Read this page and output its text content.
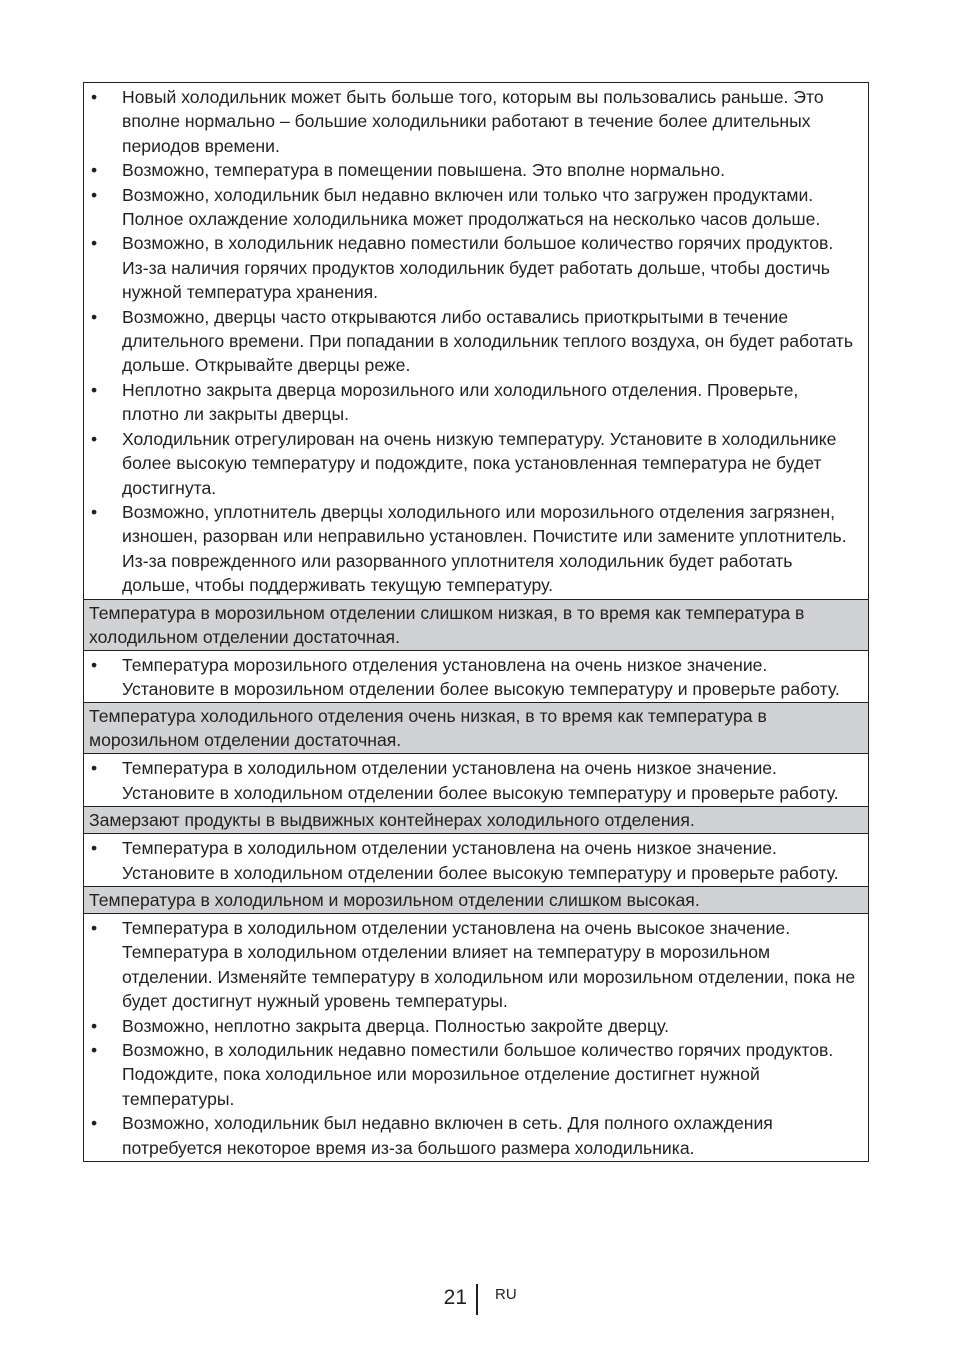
•	Новый холодильник может быть больше того, которым вы пользовались раньше. Это вполне нормально – большие холодильники работают в течение более длительных периодов времени.
•	Возможно, температура в помещении повышена. Это вполне нормально.
•	Возможно, холодильник был недавно включен или только что загружен продуктами. Полное охлаждение холодильника может продолжаться на несколько часов дольше.
•	Возможно, в холодильник недавно поместили большое количество горячих продуктов. Из-за наличия горячих продуктов холодильник будет работать дольше, чтобы достичь нужной температура хранения.
•	Возможно, дверцы часто открываются либо оставались приоткрытыми в течение длительного времени. При попадании в холодильник теплого воздуха, он будет работать дольше. Открывайте дверцы реже.
•	Неплотно закрыта дверца морозильного или холодильного отделения. Проверьте, плотно ли закрыты дверцы.
•	Холодильник отрегулирован на очень низкую температуру. Установите в холодильнике более высокую температуру и подождите, пока установленная температура не будет достигнута.
•	Возможно, уплотнитель дверцы холодильного или морозильного отделения загрязнен, изношен, разорван или неправильно установлен. Почистите или замените уплотнитель. Из-за поврежденного или разорванного уплотнителя холодильник будет работать дольше, чтобы поддерживать текущую температуру.
Температура в морозильном отделении слишком низкая, в то время как температура в холодильном отделении достаточная.
•	Температура морозильного отделения установлена на очень низкое значение. Установите в морозильном отделении более высокую температуру и проверьте работу.
Температура холодильного отделения очень низкая, в то время как температура в морозильном отделении достаточная.
•	Температура в холодильном отделении установлена на очень низкое значение. Установите в холодильном отделении более высокую температуру и проверьте работу.
Замерзают продукты в выдвижных контейнерах холодильного отделения.
•	Температура в холодильном отделении установлена на очень низкое значение. Установите в холодильном отделении более высокую температуру и проверьте работу.
Температура в холодильном и морозильном отделении слишком высокая.
•	Температура в холодильном отделении установлена на очень высокое значение. Температура в холодильном отделении влияет на температуру в морозильном отделении. Изменяйте температуру в холодильном или морозильном отделении, пока не будет достигнут нужный уровень температуры.
•	Возможно, неплотно закрыта дверца. Полностью закройте дверцу.
•	Возможно, в холодильник недавно поместили большое количество горячих продуктов. Подождите, пока холодильное или морозильное отделение достигнет нужной температуры.
•	Возможно, холодильник был недавно включен в сеть. Для полного охлаждения потребуется некоторое время из-за большого размера холодильника.
21 RU
